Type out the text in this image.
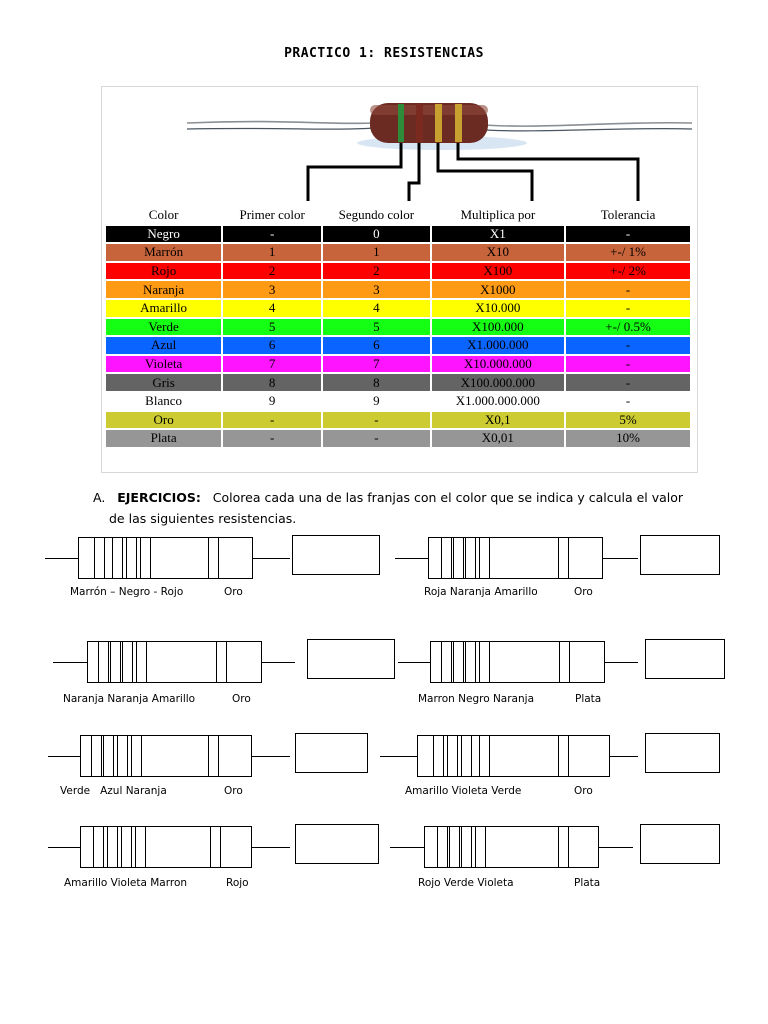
PRACTICO 1: RESISTENCIAS
Color	Primer color	Segundo color	Multiplica por	Tolerancia
Negro	-	0	X1	-
Marrón	1	1	X10	+-/ 1%
Rojo	2	2	X100	+-/ 2%
Naranja	3	3	X1000	-
Amarillo	4	4	X10.000	-
Verde	5	5	X100.000	+-/ 0.5%
Azul	6	6	X1.000.000	-
Violeta	7	7	X10.000.000	-
Gris	8	8	X100.000.000	-
Blanco	9	9	X1.000.000.000	-
Oro	-	-	X0,1	5%
Plata	-	-	X0,01	10%
A. EJERCICIOS: Colorea cada una de las franjas con el color que se indica y calcula el valor
de las siguientes resistencias.
Marrón – Negro - Rojo	Oro	Roja Naranja Amarillo	Oro
Naranja Naranja Amarillo	Oro	Marron Negro Naranja	Plata
Verde   Azul Naranja	Oro	Amarillo Violeta Verde	Oro
Amarillo Violeta Marron	Rojo	Rojo Verde Violeta	Plata
